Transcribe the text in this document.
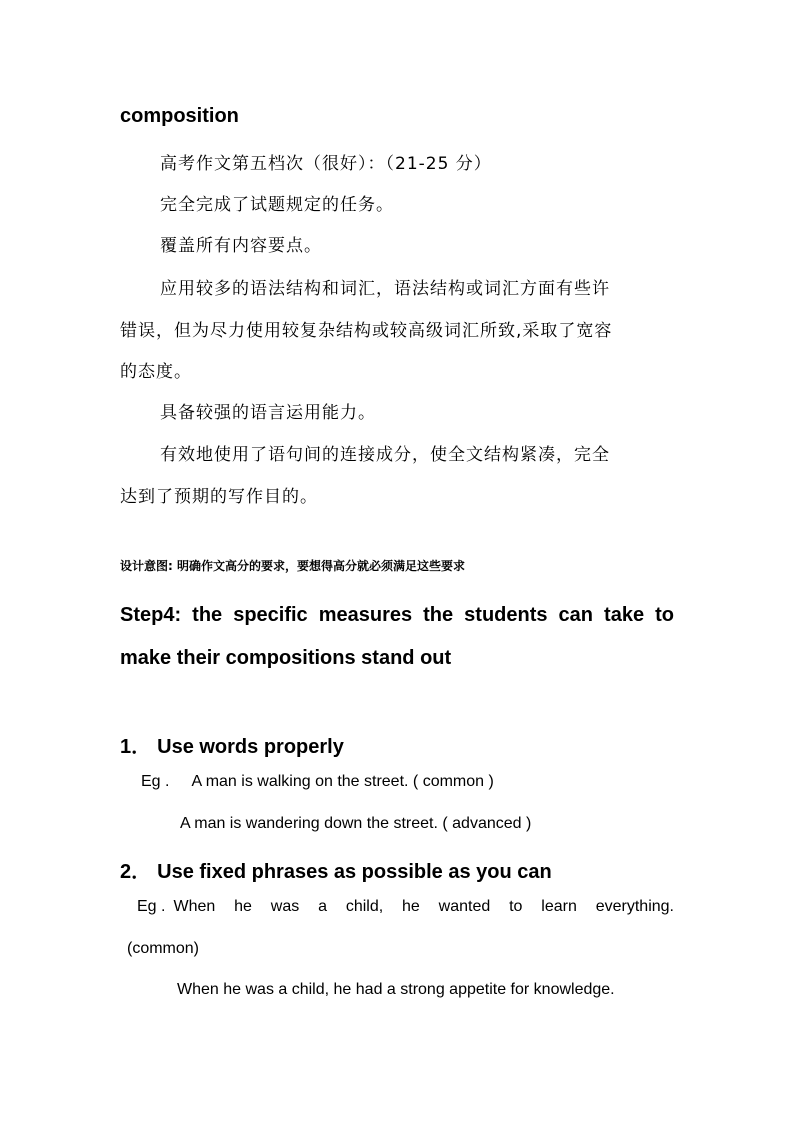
composition

高考作文第五档次（很好）：（21-25 分）

完全完成了试题规定的任务。

覆盖所有内容要点。

应用较多的语法结构和词汇，语法结构或词汇方面有些许

错误，但为尽力使用较复杂结构或较高级词汇所致,采取了宽容

的态度。

具备较强的语言运用能力。

有效地使用了语句间的连接成分，使全文结构紧凑，完全

达到了预期的写作目的。

设计意图: 明确作文高分的要求，要想得高分就必须满足这些要求

Step4: the specific measures the students can take to

make their compositions stand out

1． Use words properly

Eg . A man is walking on the street. ( common )

A man is wandering down the street. ( advanced )

2． Use fixed phrases as possible as you can

Eg . When he was a child, he wanted to learn everything.

(common)

When he was a child, he had a strong appetite for knowledge.
